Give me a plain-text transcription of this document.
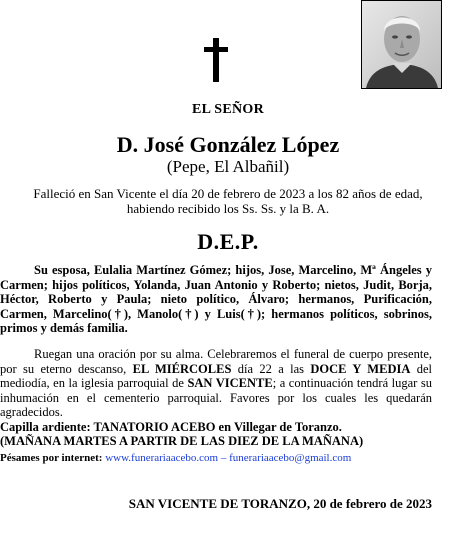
EL SEÑOR
D. José González López
(Pepe, El Albañil)
Falleció en San Vicente el día 20 de febrero de 2023 a los 82 años de edad,
habiendo recibido los Ss. Ss. y la B. A.
D.E.P.
Su esposa, Eulalia Martínez Gómez; hijos, Jose, Marcelino, Mª Ángeles y Carmen; hijos políticos, Yolanda, Juan Antonio y Roberto; nietos, Judit, Borja, Héctor, Roberto y Paula; nieto político, Álvaro; hermanos, Purificación, Carmen, Marcelino(†), Manolo(†) y Luis(†); hermanos políticos, sobrinos, primos y demás familia.
Ruegan una oración por su alma. Celebraremos el funeral de cuerpo presente, por su eterno descanso, EL MIÉRCOLES día 22 a las DOCE Y MEDIA del mediodía, en la iglesia parroquial de SAN VICENTE; a continuación tendrá lugar su inhumación en el cementerio parroquial. Favores por los cuales les quedarán agradecidos.
Capilla ardiente: TANATORIO ACEBO en Villegar de Toranzo.
(MAÑANA MARTES A PARTIR DE LAS DIEZ DE LA MAÑANA)
Pésames por internet: www.funerariaacebo.com – funerariaacebo@gmail.com
SAN VICENTE DE TORANZO, 20 de febrero de 2023
